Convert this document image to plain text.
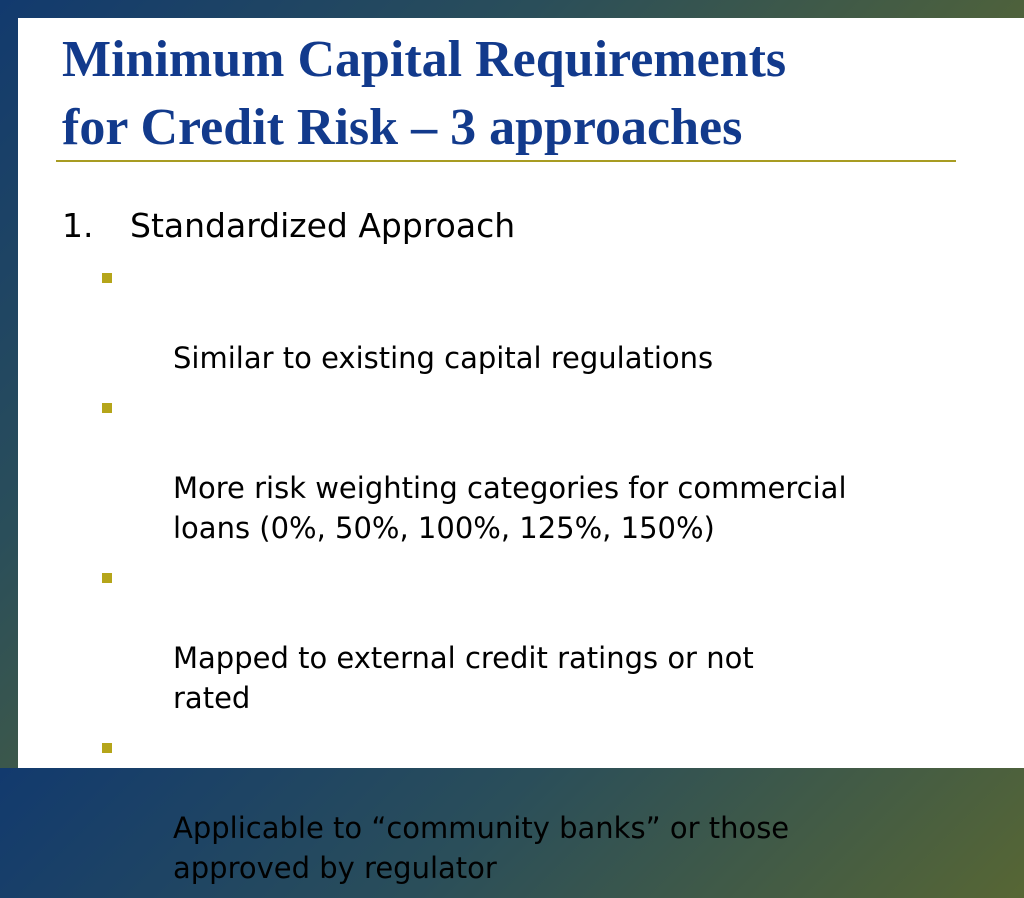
Minimum Capital Requirements
for Credit Risk – 3 approaches
1. Standardized Approach

Similar to existing capital regulations

More risk weighting categories for commercial
loans (0%, 50%, 100%, 125%, 150%)

Mapped to external credit ratings or not
rated

Applicable to “community banks” or those
approved by regulator
